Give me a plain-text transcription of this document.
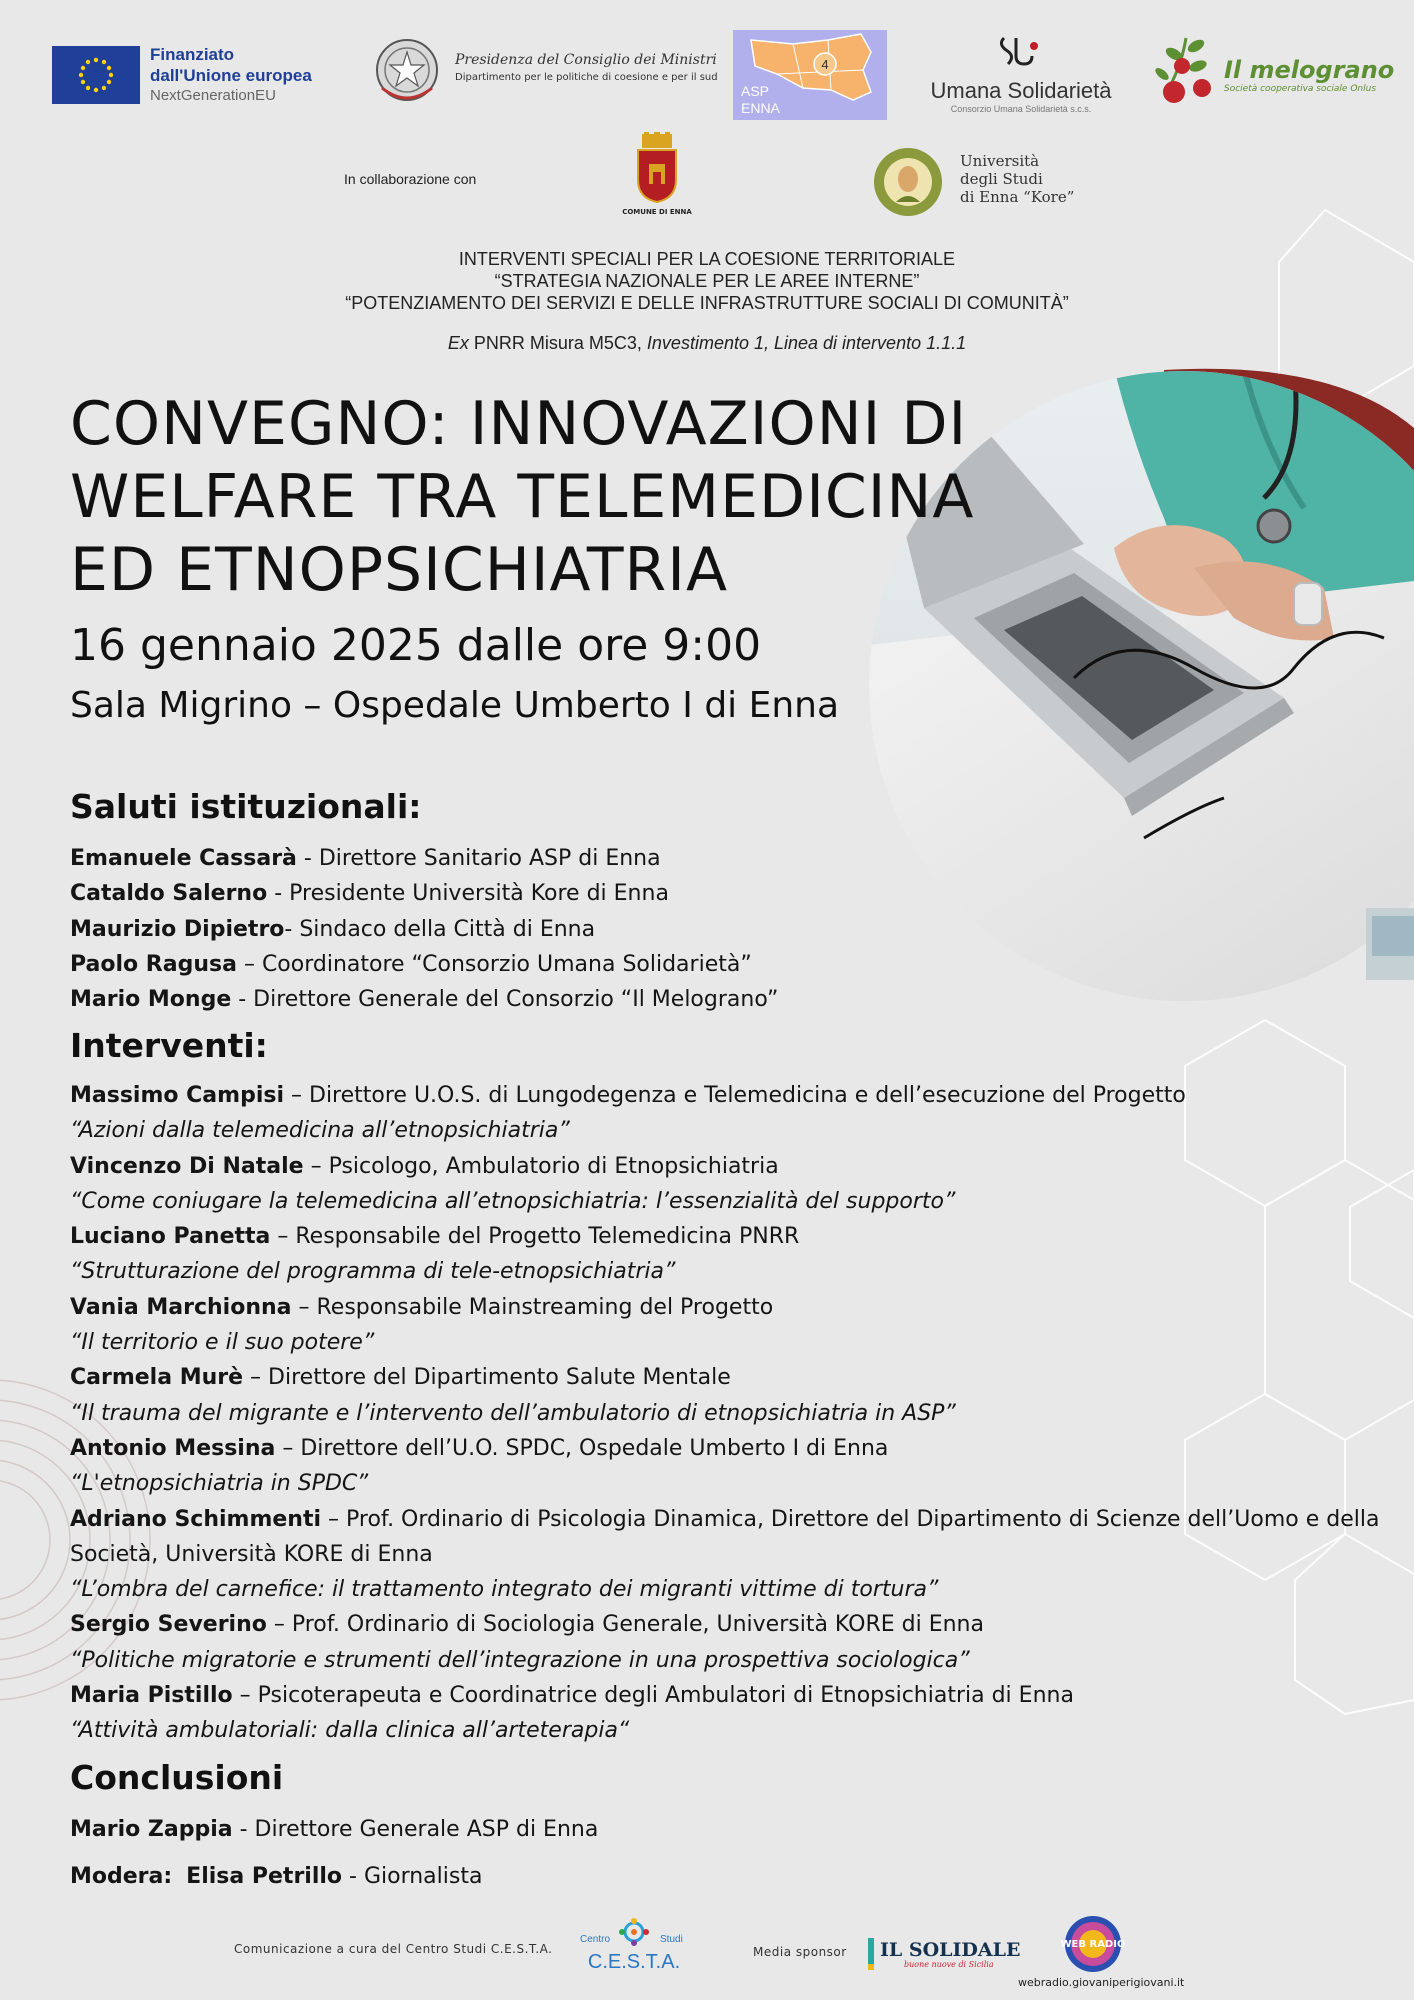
Finanziato
dall'Unione europea
NextGenerationEU
Presidenza del Consiglio dei Ministri
Dipartimento per le politiche di coesione e per il sud
4
ASP
ENNA
Umana Solidarietà
Consorzio Umana Solidarietà s.c.s.
Il melograno
Società cooperativa sociale Onlus
In collaborazione con
COMUNE DI ENNA
Università
degli Studi
di Enna “Kore”
INTERVENTI SPECIALI PER LA COESIONE TERRITORIALE
“STRATEGIA NAZIONALE PER LE AREE INTERNE”
“POTENZIAMENTO DEI SERVIZI E DELLE INFRASTRUTTURE SOCIALI DI COMUNITÀ”
Ex PNRR Misura M5C3, Investimento 1, Linea di intervento 1.1.1
CONVEGNO: INNOVAZIONI DI
WELFARE TRA TELEMEDICINA
ED ETNOPSICHIATRIA
16 gennaio 2025 dalle ore 9:00
Sala Migrino – Ospedale Umberto I di Enna
Saluti istituzionali:
Emanuele Cassarà - Direttore Sanitario ASP di Enna
Cataldo Salerno - Presidente Università Kore di Enna
Maurizio Dipietro- Sindaco della Città di Enna
Paolo Ragusa – Coordinatore “Consorzio Umana Solidarietà”
Mario Monge - Direttore Generale del Consorzio “Il Melograno”
Interventi:
Massimo Campisi – Direttore U.O.S. di Lungodegenza e Telemedicina e dell’esecuzione del Progetto
“Azioni dalla telemedicina all’etnopsichiatria”
Vincenzo Di Natale – Psicologo, Ambulatorio di Etnopsichiatria
“Come coniugare la telemedicina all’etnopsichiatria: l’essenzialità del supporto”
Luciano Panetta – Responsabile del Progetto Telemedicina PNRR
“Strutturazione del programma di tele-etnopsichiatria”
Vania Marchionna – Responsabile Mainstreaming del Progetto
“Il territorio e il suo potere”
Carmela Murè – Direttore del Dipartimento Salute Mentale
“Il trauma del migrante e l’intervento dell’ambulatorio di etnopsichiatria in ASP”
Antonio Messina – Direttore dell’U.O. SPDC, Ospedale Umberto I di Enna
“L'etnopsichiatria in SPDC”
Adriano Schimmenti – Prof. Ordinario di Psicologia Dinamica, Direttore del Dipartimento di Scienze dell’Uomo e della Società, Università KORE di Enna
“L’ombra del carnefice: il trattamento integrato dei migranti vittime di tortura”
Sergio Severino – Prof. Ordinario di Sociologia Generale, Università KORE di Enna
“Politiche migratorie e strumenti dell’integrazione in una prospettiva sociologica”
Maria Pistillo – Psicoterapeuta e Coordinatrice degli Ambulatori di Etnopsichiatria di Enna
“Attività ambulatoriali: dalla clinica all’arteterapia“
Conclusioni
Mario Zappia - Direttore Generale ASP di Enna
Modera: Elisa Petrillo - Giornalista
Comunicazione a cura del Centro Studi C.E.S.T.A.
Centro	Studi
C.E.S.T.A.	Media sponsor IL SOLIDALE
buone nuove di Sicilia
WEB RADIO
webradio.giovaniperigiovani.it
